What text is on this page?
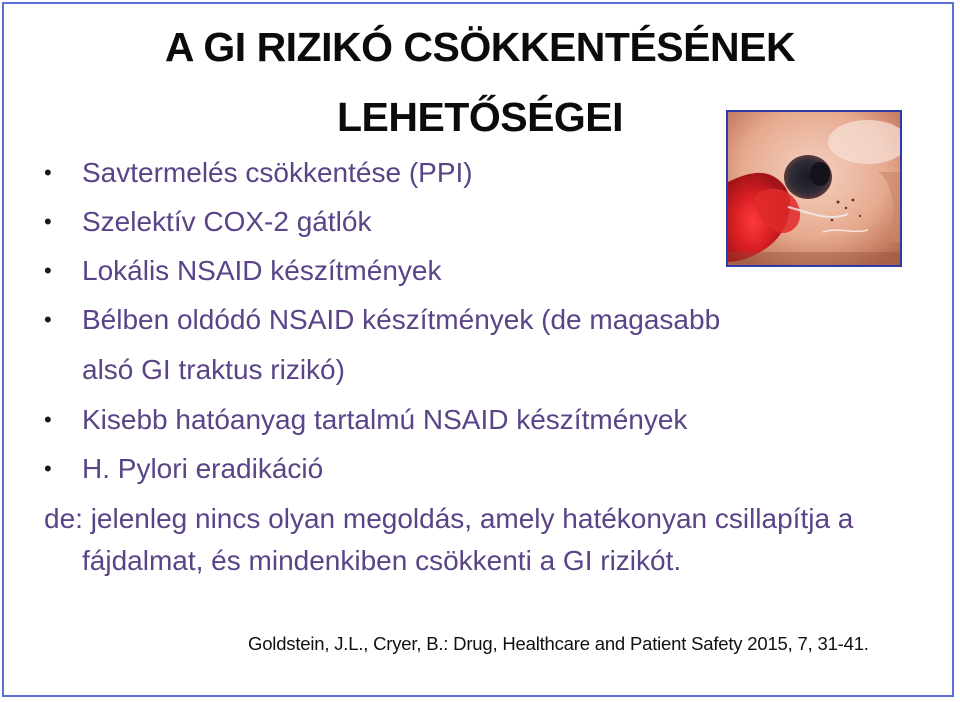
A GI RIZIKÓ CSÖKKENTÉSÉNEK
LEHETŐSÉGEI
• Savtermelés csökkentése (PPI)
• Szelektív COX-2 gátlók
• Lokális NSAID készítmények
• Bélben oldódó NSAID készítmények (de magasabb alsó GI traktus rizikó)
• Kisebb hatóanyag tartalmú NSAID készítmények
• H. Pylori eradikáció

de: jelenleg nincs olyan megoldás, amely hatékonyan csillapítja a fájdalmat, és mindenkiben csökkenti a GI rizikót.

Goldstein, J.L., Cryer, B.: Drug, Healthcare and Patient Safety 2015, 7, 31-41.
